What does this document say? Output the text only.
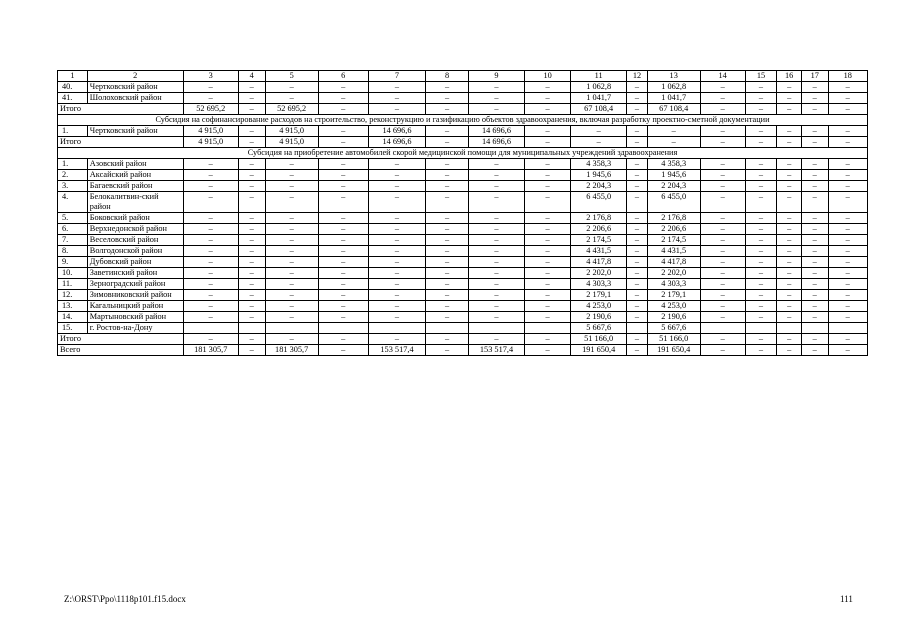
1	2	3	4	5	6	7	8	9	10	11	12	13	14	15	16	17	18
40.	Чертковский район	–	–	–	–	–	–	–	–	1 062,8	–	1 062,8	–	–	–	–	–
41.	Шолоховский район	–	–	–	–	–	–	–	–	1 041,7	–	1 041,7	–	–	–	–	–
Итого		52 695,2	–	52 695,2	–	–	–	–	–	67 108,4	–	67 108,4	–	–	–	–	–
Субсидия на софинансирование расходов на строительство, реконструкцию и газификацию объектов здравоохранения, включая разработку проектно-сметной документации																	
1.	Чертковский район	4 915,0	–	4 915,0	–	14 696,6	–	14 696,6	–	–	–	–	–	–	–	–	–
Итого		4 915,0	–	4 915,0	–	14 696,6	–	14 696,6	–	–	–	–	–	–	–	–	–
Субсидия на приобретение автомобилей скорой медицинской помощи для муниципальных учреждений здравоохранения																	
1.	Азовский район	–	–	–	–	–	–	–	–	4 358,3	–	4 358,3	–	–	–	–	–
2.	Аксайский район	–	–	–	–	–	–	–	–	1 945,6	–	1 945,6	–	–	–	–	–
3.	Багаевский район	–	–	–	–	–	–	–	–	2 204,3	–	2 204,3	–	–	–	–	–
4.	Белокалитвин-ский район	–	–	–	–	–	–	–	–	6 455,0	–	6 455,0	–	–	–	–	–
5.	Боковский район	–	–	–	–	–	–	–	–	2 176,8	–	2 176,8	–	–	–	–	–
6.	Верхнедонской район	–	–	–	–	–	–	–	–	2 206,6	–	2 206,6	–	–	–	–	–
7.	Веселовский район	–	–	–	–	–	–	–	–	2 174,5	–	2 174,5	–	–	–	–	–
8.	Волгодонской район	–	–	–	–	–	–	–	–	4 431,5	–	4 431,5	–	–	–	–	–
9.	Дубовский район	–	–	–	–	–	–	–	–	4 417,8	–	4 417,8	–	–	–	–	–
10.	Заветинский район	–	–	–	–	–	–	–	–	2 202,0	–	2 202,0	–	–	–	–	–
11.	Зерноградский район	–	–	–	–	–	–	–	–	4 303,3	–	4 303,3	–	–	–	–	–
12.	Зимовниковский район	–	–	–	–	–	–	–	–	2 179,1	–	2 179,1	–	–	–	–	–
13.	Кагальницкий район	–	–	–	–	–	–	–	–	4 253,0	–	4 253,0	–	–	–	–	–
14.	Мартыновский район	–	–	–	–	–	–	–	–	2 190,6	–	2 190,6	–	–	–	–	–
15.	г. Ростов-на-Дону									5 667,6		5 667,6					
Итого		–	–	–	–	–	–	–	–	51 166,0	–	51 166,0	–	–	–	–	–
Всего		181 305,7	–	181 305,7	–	153 517,4	–	153 517,4	–	191 650,4	–	191 650,4	–	–	–	–	–
Z:\ORST\Ppo\1118p101.f15.docx	111
